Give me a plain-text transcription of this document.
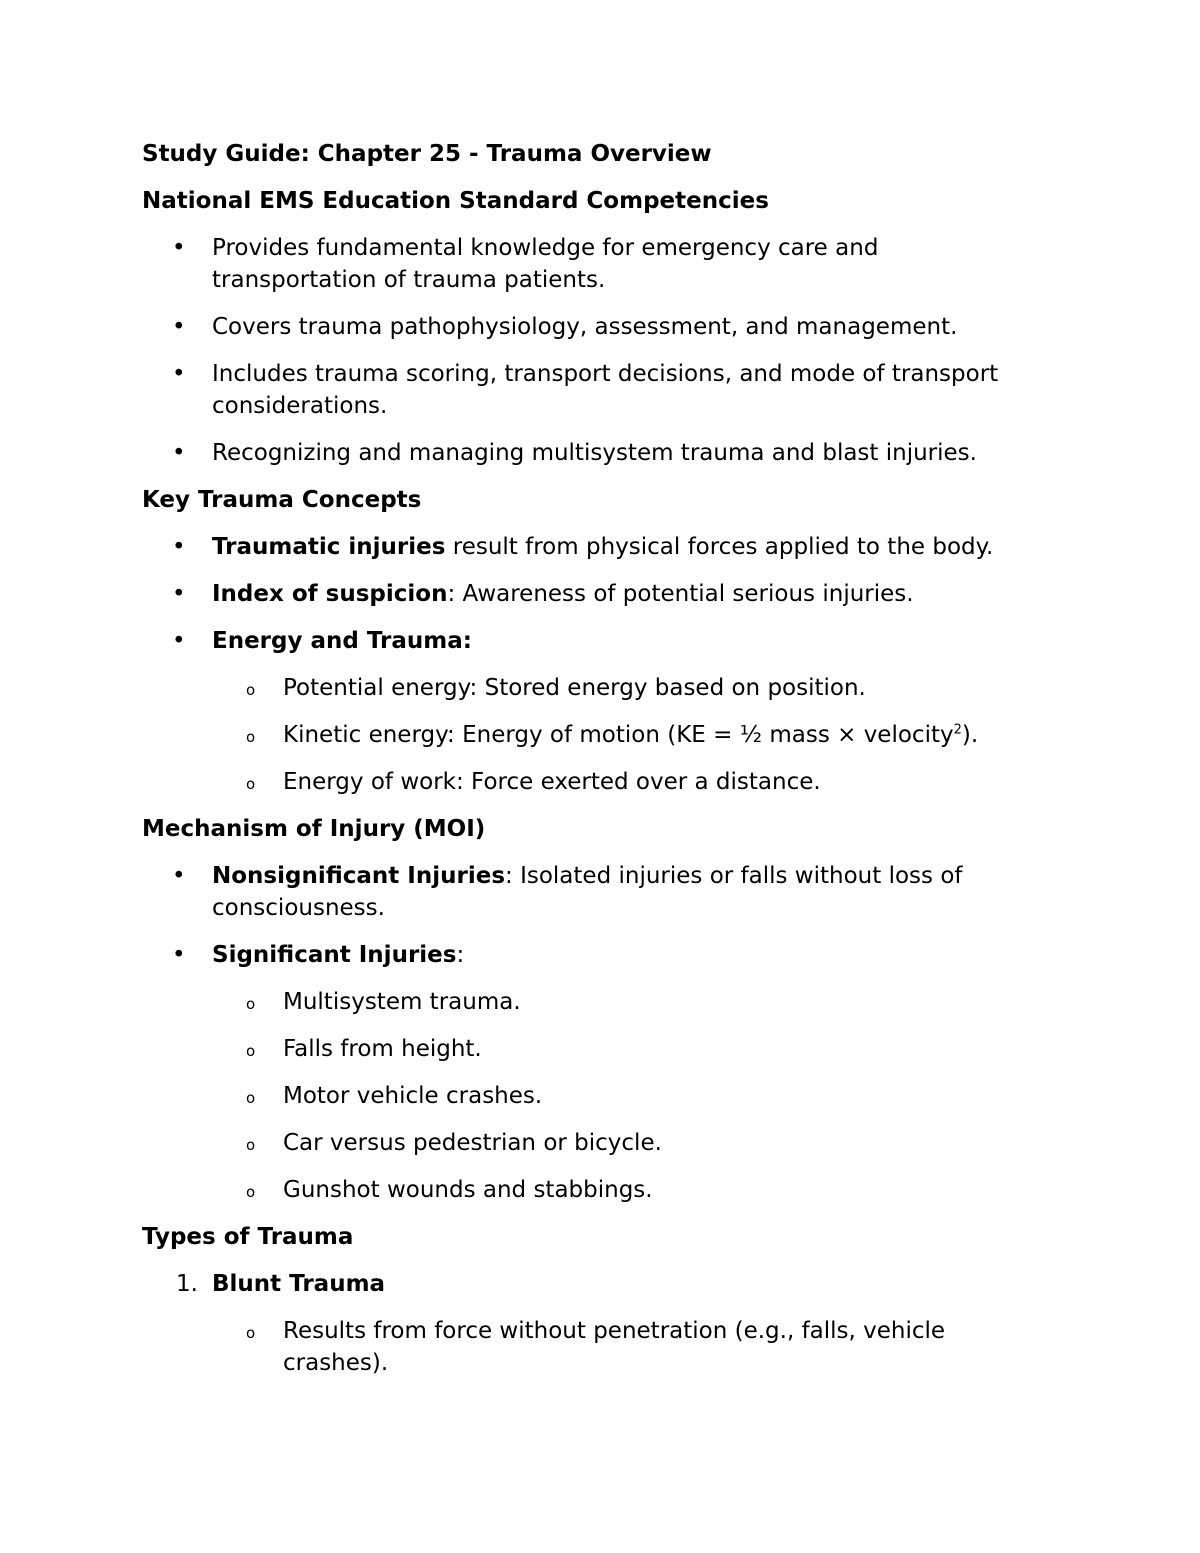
Study Guide: Chapter 25 - Trauma Overview
National EMS Education Standard Competencies
•	Provides fundamental knowledge for emergency care and transportation of trauma patients.
•	Covers trauma pathophysiology, assessment, and management.
•	Includes trauma scoring, transport decisions, and mode of transport considerations.
•	Recognizing and managing multisystem trauma and blast injuries.
Key Trauma Concepts
•	Traumatic injuries result from physical forces applied to the body.
•	Index of suspicion: Awareness of potential serious injuries.
•	Energy and Trauma:
o Potential energy: Stored energy based on position.
o Kinetic energy: Energy of motion (KE = ½ mass × velocity$^2$).
o Energy of work: Force exerted over a distance.
Mechanism of Injury (MOI)
•	Nonsignificant Injuries: Isolated injuries or falls without loss of consciousness.
•	Significant Injuries:
o Multisystem trauma.
o Falls from height.
o Motor vehicle crashes.
o Car versus pedestrian or bicycle.
o Gunshot wounds and stabbings.
Types of Trauma
1. Blunt Trauma
o Results from force without penetration (e.g., falls, vehicle crashes).
